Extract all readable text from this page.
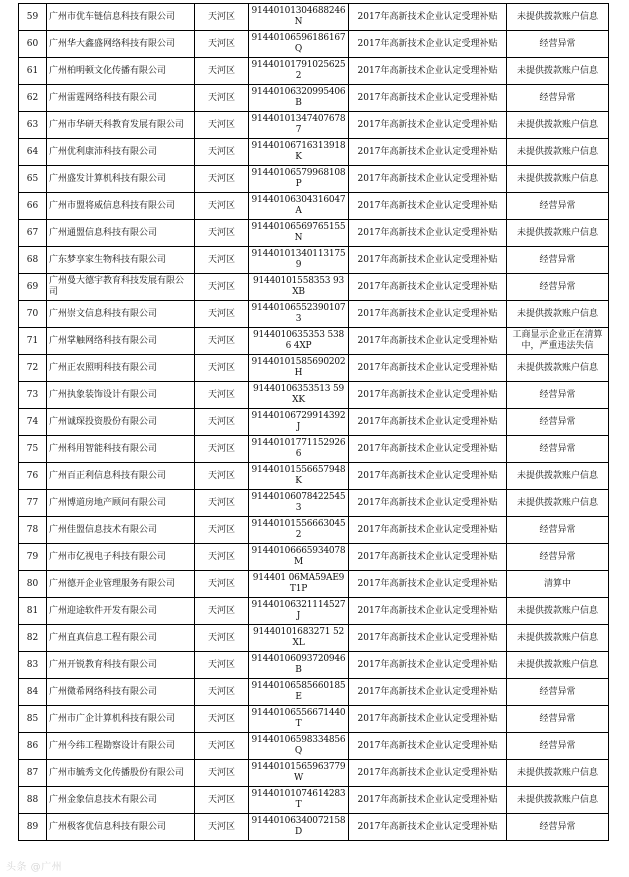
59	广州市优车链信息科技有限公司	天河区	91440101304688246N	2017年高新技术企业认定受理补贴	未提供拨款账户信息
60	广州华大鑫盛网络科技有限公司	天河区	91440106596186167Q	2017年高新技术企业认定受理补贴	经营异常
61	广州柏明顿文化传播有限公司	天河区	91440101791025625 2	2017年高新技术企业认定受理补贴	未提供拨款账户信息
62	广州雷霆网络科技有限公司	天河区	91440106320995406B	2017年高新技术企业认定受理补贴	经营异常
63	广州市华研天科教育发展有限公司	天河区	91440101347407678 7	2017年高新技术企业认定受理补贴	未提供拨款账户信息
64	广州优利康沛科技有限公司	天河区	91440106716313918K	2017年高新技术企业认定受理补贴	未提供拨款账户信息
65	广州盛发计算机科技有限公司	天河区	91440106579968108P	2017年高新技术企业认定受理补贴	未提供拨款账户信息
66	广州市盟将威信息科技有限公司	天河区	91440106304316047A	2017年高新技术企业认定受理补贴	经营异常
67	广州通盟信息科技有限公司	天河区	91440106569765155N	2017年高新技术企业认定受理补贴	未提供拨款账户信息
68	广东梦享家生物科技有限公司	天河区	91440101340113175 9	2017年高新技术企业认定受理补贴	经营异常
69	广州曼大德宇教育科技发展有限公司	天河区	91440101558353 93XB	2017年高新技术企业认定受理补贴	经营异常
70	广州崇文信息科技有限公司	天河区	91440106552390107 3	2017年高新技术企业认定受理补贴	未提供拨款账户信息
71	广州掌触网络科技有限公司	天河区	9144010635353 5386 4XP	2017年高新技术企业认定受理补贴	工商显示企业正在清算中，严重违法失信
72	广州正农照明科技有限公司	天河区	91440101585690202H	2017年高新技术企业认定受理补贴	未提供拨款账户信息
73	广州执象装饰设计有限公司	天河区	91440106353513 59XK	2017年高新技术企业认定受理补贴	经营异常
74	广州诚琛投资股份有限公司	天河区	91440106729914392J	2017年高新技术企业认定受理补贴	经营异常
75	广州科用智能科技有限公司	天河区	91440101771152926 6	2017年高新技术企业认定受理补贴	经营异常
76	广州百正利信息科技有限公司	天河区	91440101556657948K	2017年高新技术企业认定受理补贴	未提供拨款账户信息
77	广州博道房地产顾问有限公司	天河区	91440106078422545 3	2017年高新技术企业认定受理补贴	未提供拨款账户信息
78	广州佳盟信息技术有限公司	天河区	91440101556663045 2	2017年高新技术企业认定受理补贴	经营异常
79	广州市亿视电子科技有限公司	天河区	91440106665934078M	2017年高新技术企业认定受理补贴	经营异常
80	广州德开企业管理服务有限公司	天河区	914401 06MA59AE9T1P	2017年高新技术企业认定受理补贴	清算中
81	广州迎途软件开发有限公司	天河区	91440106321114527J	2017年高新技术企业认定受理补贴	未提供拨款账户信息
82	广州直真信息工程有限公司	天河区	91440101683271 52XL	2017年高新技术企业认定受理补贴	未提供拨款账户信息
83	广州开锐教育科技有限公司	天河区	91440106093720946B	2017年高新技术企业认定受理补贴	未提供拨款账户信息
84	广州微希网络科技有限公司	天河区	91440106585660185E	2017年高新技术企业认定受理补贴	经营异常
85	广州市广企计算机科技有限公司	天河区	91440106556671440T	2017年高新技术企业认定受理补贴	经营异常
86	广州今纬工程勘察设计有限公司	天河区	91440106598334856Q	2017年高新技术企业认定受理补贴	经营异常
87	广州市毓秀文化传播股份有限公司	天河区	91440101565963779W	2017年高新技术企业认定受理补贴	未提供拨款账户信息
88	广州金象信息技术有限公司	天河区	91440101074614283T	2017年高新技术企业认定受理补贴	未提供拨款账户信息
89	广州极客优信息科技有限公司	天河区	91440106340072158D	2017年高新技术企业认定受理补贴	经营异常
头条 @广州
